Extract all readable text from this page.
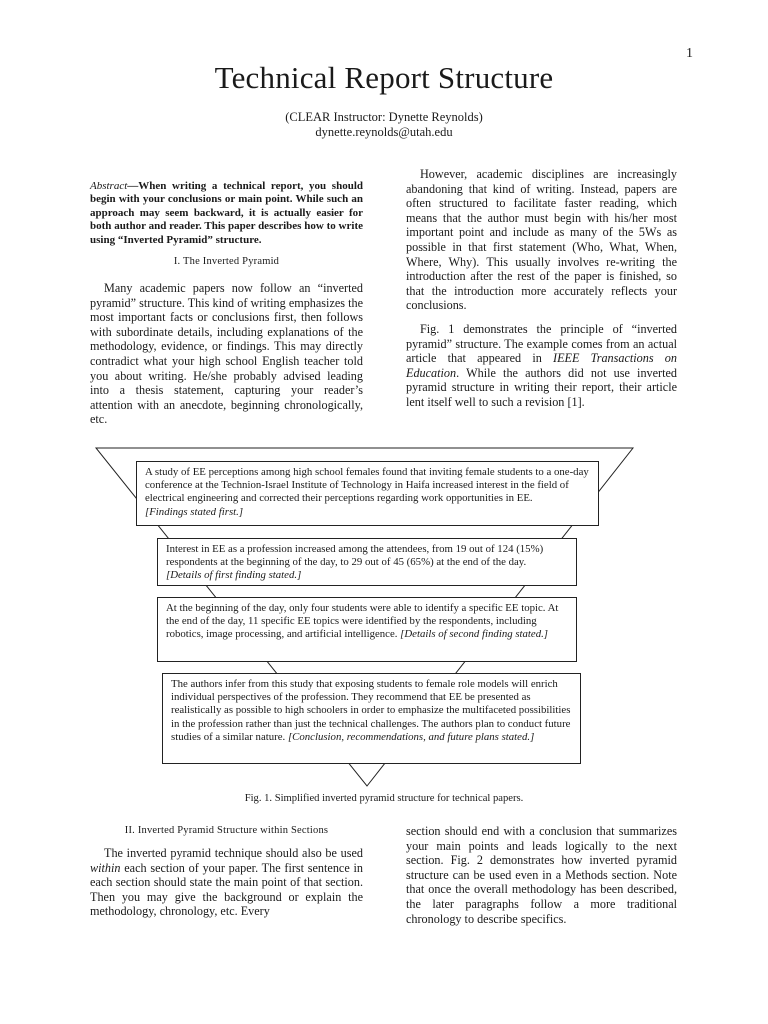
1
Technical Report Structure
(CLEAR Instructor: Dynette Reynolds)
dynette.reynolds@utah.edu
Abstract—When writing a technical report, you should begin with your conclusions or main point. While such an approach may seem backward, it is actually easier for both author and reader. This paper describes how to write using “Inverted Pyramid” structure.
I. The Inverted Pyramid

Many academic papers now follow an “inverted pyramid” structure. This kind of writing emphasizes the most important facts or conclusions first, then follows with subordinate details, including explanations of the methodology, evidence, or findings. This may directly contradict what your high school English teacher told you about writing. He/she probably advised leading into a thesis statement, capturing your reader’s attention with an anecdote, beginning chronologically, etc.

However, academic disciplines are increasingly abandoning that kind of writing. Instead, papers are often structured to facilitate faster reading, which means that the author must begin with his/her most important point and include as many of the 5Ws as possible in that first statement (Who, What, When, Where, Why). This usually involves re-writing the introduction after the rest of the paper is finished, so that the introduction more accurately reflects your conclusions.

Fig. 1 demonstrates the principle of “inverted pyramid” structure. The example comes from an actual article that appeared in IEEE Transactions on Education. While the authors did not use inverted pyramid structure in writing their report, their article lent itself well to such a revision [1].

A study of EE perceptions among high school females found that inviting female students to a one-day conference at the Technion-Israel Institute of Technology in Haifa increased interest in the field of electrical engineering and corrected their perceptions regarding work opportunities in EE.
[Findings stated first.]
Interest in EE as a profession increased among the attendees, from 19 out of 124 (15%) respondents at the beginning of the day, to 29 out of 45 (65%) at the end of the day.
[Details of first finding stated.]
At the beginning of the day, only four students were able to identify a specific EE topic. At the end of the day, 11 specific EE topics were identified by the respondents, including robotics, image processing, and artificial intelligence. [Details of second finding stated.]
The authors infer from this study that exposing students to female role models will enrich individual perspectives of the profession. They recommend that EE be presented as realistically as possible to high schoolers in order to emphasize the multifaceted possibilities in the profession rather than just the technical challenges. The authors plan to conduct future studies of a similar nature. [Conclusion, recommendations, and future plans stated.]
Fig. 1. Simplified inverted pyramid structure for technical papers.
II. Inverted Pyramid Structure within Sections

The inverted pyramid technique should also be used within each section of your paper. The first sentence in each section should state the main point of that section. Then you may give the background or explain the methodology, chronology, etc. Every

section should end with a conclusion that summarizes your main points and leads logically to the next section. Fig. 2 demonstrates how inverted pyramid structure can be used even in a Methods section. Note that once the overall methodology has been described, the later paragraphs follow a more traditional chronology to describe specifics.
